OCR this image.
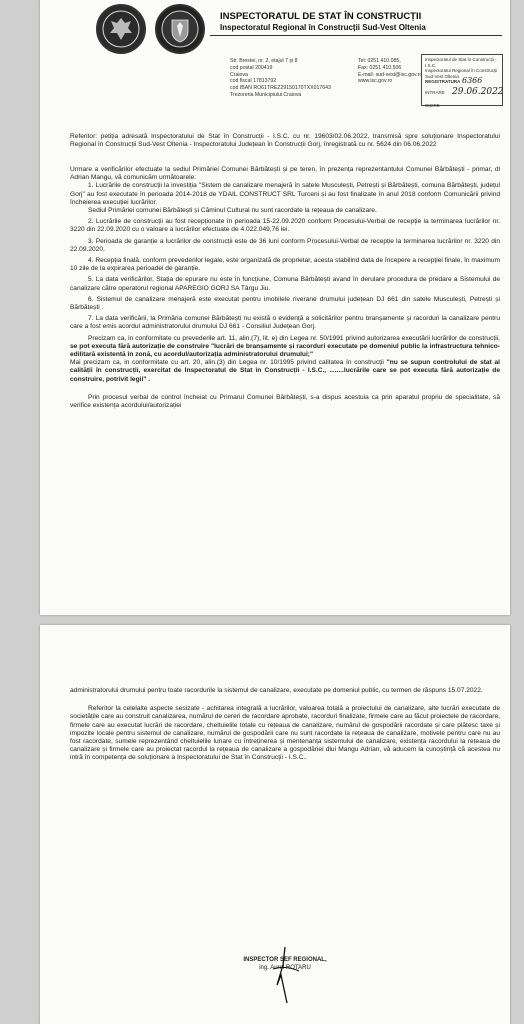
INSPECTORATUL DE STAT ÎN CONSTRUCȚII
Inspectoratul Regional în Construcții Sud-Vest Oltenia
Str. Brestei, nr. 2, etajul 7 și 8
cod postal 200419
Craiova
cod fiscal 17813792
cod IBAN RO61TREZ29150170TXX017643
Trezoreria Municipiului Craiova
Tel: 0251 410.085,
Fax: 0251 410.506
E-mail: sud-vest@isc.gov.ro
www.isc.gov.ro
Inspectoratul de Stat în Construcții - I.S.C.
Inspectoratul Regional în Construcții Sud-Vest Oltenia
REGISTRATURA
INTRARE
IEȘIRE
6366
29.06.2022

Referitor: petiția adresată Inspectoratului de Stat în Construcții - I.S.C. cu nr. 19603/02.06.2022, transmisă spre soluționare Inspectoratului Regional în Construcții Sud-Vest Oltenia - Inspectoratului Județean în Construcții Gorj, înregistrată cu nr. 5624 din 06.06.2022

Urmare a verificărilor efectuate la sediul Primăriei Comunei Bărbătești și pe teren, în prezența reprezentantului Comunei Bărbătești - primar, dl Adrian Mangu, vă comunicăm următoarele:

1. Lucrările de construcții la investiția "Sistem de canalizare menajeră în satele Musculești, Petrești și Bărbătești, comuna Bărbătești, județul Gorj" au fost executate în perioada 2014-2018 de YDAIL CONSTRUCT SRL Turceni și au fost finalizate în anul 2018 conform Comunicării privind încheierea execuției lucrărilor.

Sediul Primăriei comunei Bărbătești și Căminul Cultural nu sunt racordate la rețeaua de canalizare.

2. Lucrările de construcții au fost recepționate în perioada 15-22.09.2020 conform Procesului-Verbal de recepție la terminarea lucrărilor nr. 3220 din 22.09.2020 cu o valoare a lucrărilor efectuate de 4.022.049,76 lei.

3. Perioada de garanție a lucrărilor de construcții este de 36 luni conform Procesului-Verbal de recepție la terminarea lucrărilor nr. 3220 din 22.09.2020.

4. Recepția finală, conform prevederilor legale, este organizată de proprietar, acesta stabilind data de începere a recepției finale, în maximum 10 zile de la expirarea perioadei de garanție.

5. La data verificărilor, Stația de epurare nu este în funcțiune, Comuna Bărbătești avand în derulare procedura de predare a Sistemului de canalizare către operatorul regional APAREGIO GORJ SA Târgu Jiu.

6. Sistemul de canalizare menajeră este executat pentru imobilele riverane drumului județean DJ 661 din satele Musculești, Petrești și Bărbătești .

7. La data verificării, la Primăria comunei Bărbătești nu există o evidență a solicitărilor pentru branșamente și racorduri la canalizare pentru care a fost emis acordul administratorului drumului DJ 661 - Consiliul Județean Gorj.

Precizam ca, in conformitate cu prevederile art. 11, alin.(7), lit. e) din Legea nr. 50/1991 privind autorizarea executării lucrărilor de construcții, se pot executa fără autorizație de construire "lucrări de branșamente și racorduri executate pe domeniul public la infrastructura tehnico-edilitară existentă în zonă, cu acordul/autorizația administratorului drumului;"

Mai precizam ca, in conformitate cu art. 20, alin.(3) din Legea nr. 10/1995 privind calitatea în construcții "nu se supun controlului de stat al calității în construcții, exercitat de Inspectoratul de Stat în Construcții - I.S.C., ........lucrările care se pot executa fără autorizație de construire, potrivit legii" .

Prin procesul verbal de control încheiat cu Primarul Comunei Bărbătești, s-a dispus acestuia ca prin aparatul propriu de specialitate, să verifice existența acordului/autorizației

administratorului drumului pentru toate racordurile la sistemul de canalizare, executate pe domeniul public, cu termen de răspuns 15.07.2022.

Referitor la celelalte aspecte sesizate - achitarea integrală a lucrărilor, valoarea totală a proiectului de canalizare, alte lucrări executate de societățile care au construit canalizarea, numărul de cereri de racordare aprobate, racorduri finalizate, firmele care au făcut proiectele de racordare, firmele care au executat lucrări de racordare, cheltuielile totale cu rețeaua de canalizare, numărul de gospodării racordate și care plătesc taxe și impozite locale pentru sistemul de canalizare, numărul de gospodării care nu sunt racordate la rețeaua de canalizare, motivele pentru care nu au fost racordate, sumele reprezentând cheltuielile lunare cu întreținerea și mentenanța sistemului de canalizare, existența racordului la rețeaua de canalizare și firmele care au proiectat racordul la rețeaua de canalizare a gospodăriei dlui Mangu Adrian, vă aducem la cunoștință că acestea nu intră în competența de soluționare a Inspectoratului de Stat în Construcții - I.S.C..

INSPECTOR SEF REGIONAL,
ing. Aurel ROTARU
